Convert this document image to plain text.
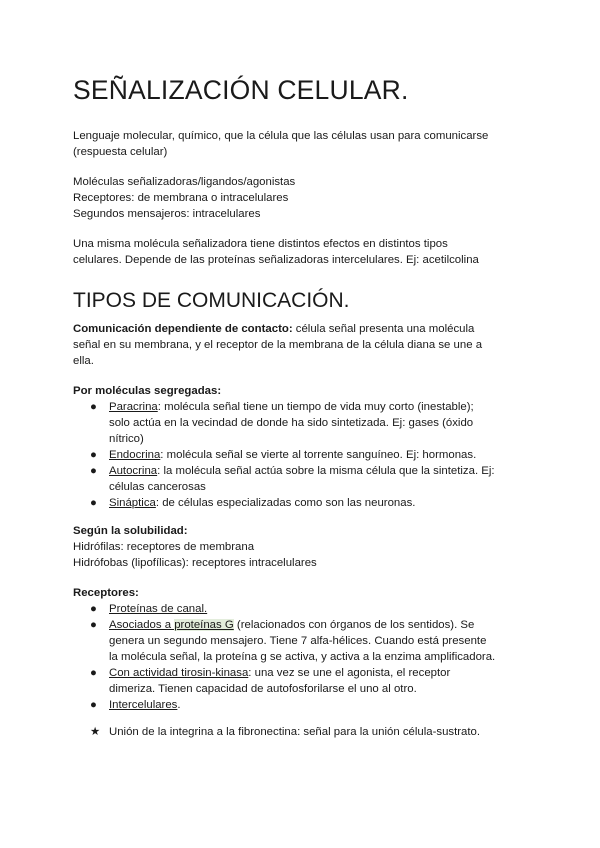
SEÑALIZACIÓN CELULAR.

Lenguaje molecular, químico, que la célula que las células usan para comunicarse

(respuesta celular)

Moléculas señalizadoras/ligandos/agonistas

Receptores: de membrana o intracelulares

Segundos mensajeros: intracelulares

Una misma molécula señalizadora tiene distintos efectos en distintos tipos

celulares. Depende de las proteínas señalizadoras intercelulares. Ej: acetilcolina

TIPOS DE COMUNICACIÓN.

Comunicación dependiente de contacto: célula señal presenta una molécula

señal en su membrana, y el receptor de la membrana de la célula diana se une a

ella.

Por moléculas segregadas:

● Paracrina: molécula señal tiene un tiempo de vida muy corto (inestable);

solo actúa en la vecindad de donde ha sido sintetizada. Ej: gases (óxido

nítrico)

● Endocrina: molécula señal se vierte al torrente sanguíneo. Ej: hormonas.

● Autocrina: la molécula señal actúa sobre la misma célula que la sintetiza. Ej:

células cancerosas

● Sináptica: de células especializadas como son las neuronas.

Según la solubilidad:

Hidrófilas: receptores de membrana

Hidrófobas (lipofílicas): receptores intracelulares

Receptores:

● Proteínas de canal.

● Asociados a proteínas G (relacionados con órganos de los sentidos). Se

genera un segundo mensajero. Tiene 7 alfa-hélices. Cuando está presente

la molécula señal, la proteína g se activa, y activa a la enzima amplificadora.

● Con actividad tirosin-kinasa: una vez se une el agonista, el receptor

dimeriza. Tienen capacidad de autofosforilarse el uno al otro.

● Intercelulares.

★ Unión de la integrina a la fibronectina: señal para la unión célula-sustrato.
